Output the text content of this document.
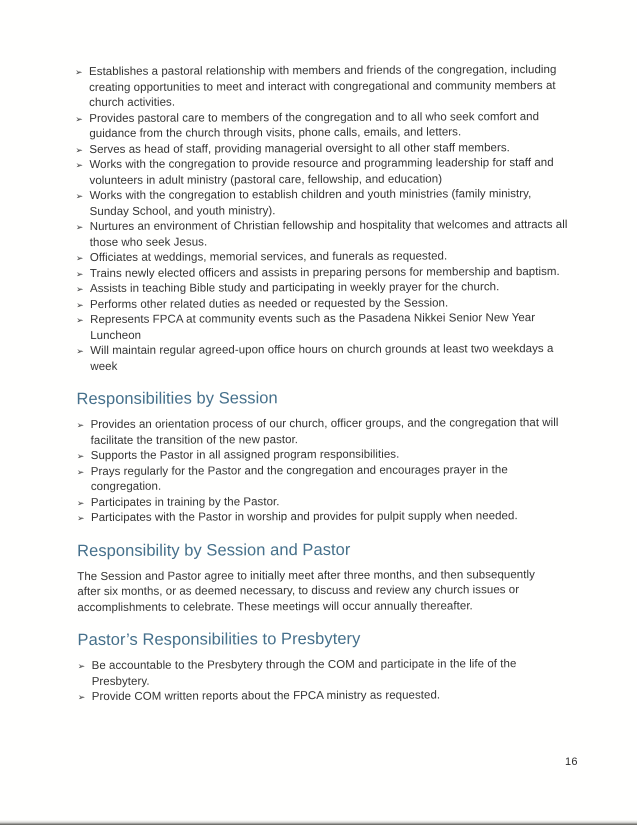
➢ Establishes a pastoral relationship with members and friends of the congregation, including creating opportunities to meet and interact with congregational and community members at church activities.
➢ Provides pastoral care to members of the congregation and to all who seek comfort and guidance from the church through visits, phone calls, emails, and letters.
➢ Serves as head of staff, providing managerial oversight to all other staff members.
➢ Works with the congregation to provide resource and programming leadership for staff and volunteers in adult ministry (pastoral care, fellowship, and education)
➢ Works with the congregation to establish children and youth ministries (family ministry, Sunday School, and youth ministry).
➢ Nurtures an environment of Christian fellowship and hospitality that welcomes and attracts all those who seek Jesus.
➢ Officiates at weddings, memorial services, and funerals as requested.
➢ Trains newly elected officers and assists in preparing persons for membership and baptism.
➢ Assists in teaching Bible study and participating in weekly prayer for the church.
➢ Performs other related duties as needed or requested by the Session.
➢ Represents FPCA at community events such as the Pasadena Nikkei Senior New Year Luncheon
➢ Will maintain regular agreed-upon office hours on church grounds at least two weekdays a week
Responsibilities by Session
➢ Provides an orientation process of our church, officer groups, and the congregation that will facilitate the transition of the new pastor.
➢ Supports the Pastor in all assigned program responsibilities.
➢ Prays regularly for the Pastor and the congregation and encourages prayer in the congregation.
➢ Participates in training by the Pastor.
➢ Participates with the Pastor in worship and provides for pulpit supply when needed.
Responsibility by Session and Pastor

The Session and Pastor agree to initially meet after three months, and then subsequently after six months, or as deemed necessary, to discuss and review any church issues or accomplishments to celebrate. These meetings will occur annually thereafter.

Pastor’s Responsibilities to Presbytery
➢ Be accountable to the Presbytery through the COM and participate in the life of the Presbytery.
➢ Provide COM written reports about the FPCA ministry as requested.
16
